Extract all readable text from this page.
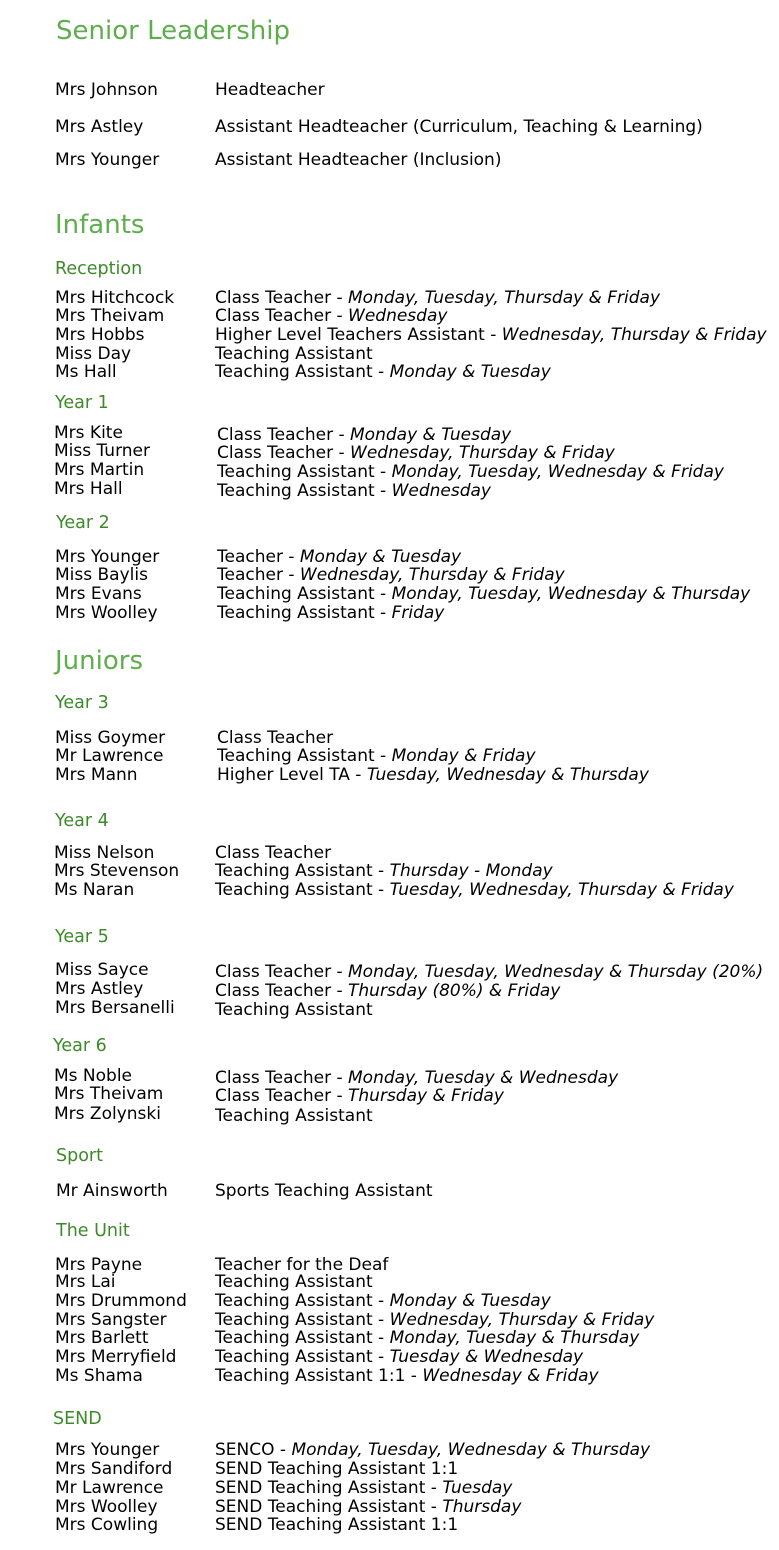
Senior Leadership
Infants
Juniors
Reception
Year 1
Year 2
Year 3
Year 4
Year 5
Year 6
Sport
The Unit
SEND
Mrs Johnson	Headteacher
Mrs Astley	Assistant Headteacher (Curriculum, Teaching & Learning)
Mrs Younger	Assistant Headteacher (Inclusion)
Mrs Hitchcock Class Teacher - Monday, Tuesday, Thursday & Friday
Mrs Theivam	Class Teacher - Wednesday
Mrs Hobbs	Higher Level Teachers Assistant - Wednesday, Thursday & Friday
Miss Day	Teaching Assistant
Ms Hall	Teaching Assistant - Monday & Tuesday
Mrs Kite	Class Teacher - Monday & Tuesday
Miss Turner	Class Teacher - Wednesday, Thursday & Friday
Mrs Martin	Teaching Assistant - Monday, Tuesday, Wednesday & Friday
Mrs Hall	Teaching Assistant - Wednesday
Mrs Younger	Teacher - Monday & Tuesday
Miss Baylis	Teacher - Wednesday, Thursday & Friday
Mrs Evans	Teaching Assistant - Monday, Tuesday, Wednesday & Thursday
Mrs Woolley	Teaching Assistant - Friday
Miss Goymer	Class Teacher
Mr Lawrence	Teaching Assistant - Monday & Friday
Mrs Mann	Higher Level TA - Tuesday, Wednesday & Thursday
Miss Nelson	Class Teacher
Mrs Stevenson Teaching Assistant - Thursday - Monday
Ms Naran	Teaching Assistant - Tuesday, Wednesday, Thursday & Friday
Miss Sayce	Class Teacher - Monday, Tuesday, Wednesday & Thursday (20%)
Mrs Astley	Class Teacher - Thursday (80%) & Friday
Mrs Bersanelli Teaching Assistant
Ms Noble	Class Teacher - Monday, Tuesday & Wednesday
Mrs Theivam	Class Teacher - Thursday & Friday
Mrs Zolynski	Teaching Assistant
Mr Ainsworth	Sports Teaching Assistant
Mrs Payne	Teacher for the Deaf
Mrs Lai	Teaching Assistant
Mrs Drummond Teaching Assistant - Monday & Tuesday
Mrs Sangster	Teaching Assistant - Wednesday, Thursday & Friday
Mrs Barlett	Teaching Assistant - Monday, Tuesday & Thursday
Mrs Merryfield Teaching Assistant - Tuesday & Wednesday
Ms Shama	Teaching Assistant 1:1 - Wednesday & Friday
Mrs Younger	SENCO - Monday, Tuesday, Wednesday & Thursday
Mrs Sandiford	SEND Teaching Assistant 1:1
Mr Lawrence	SEND Teaching Assistant - Tuesday
Mrs Woolley	SEND Teaching Assistant - Thursday
Mrs Cowling	SEND Teaching Assistant 1:1
